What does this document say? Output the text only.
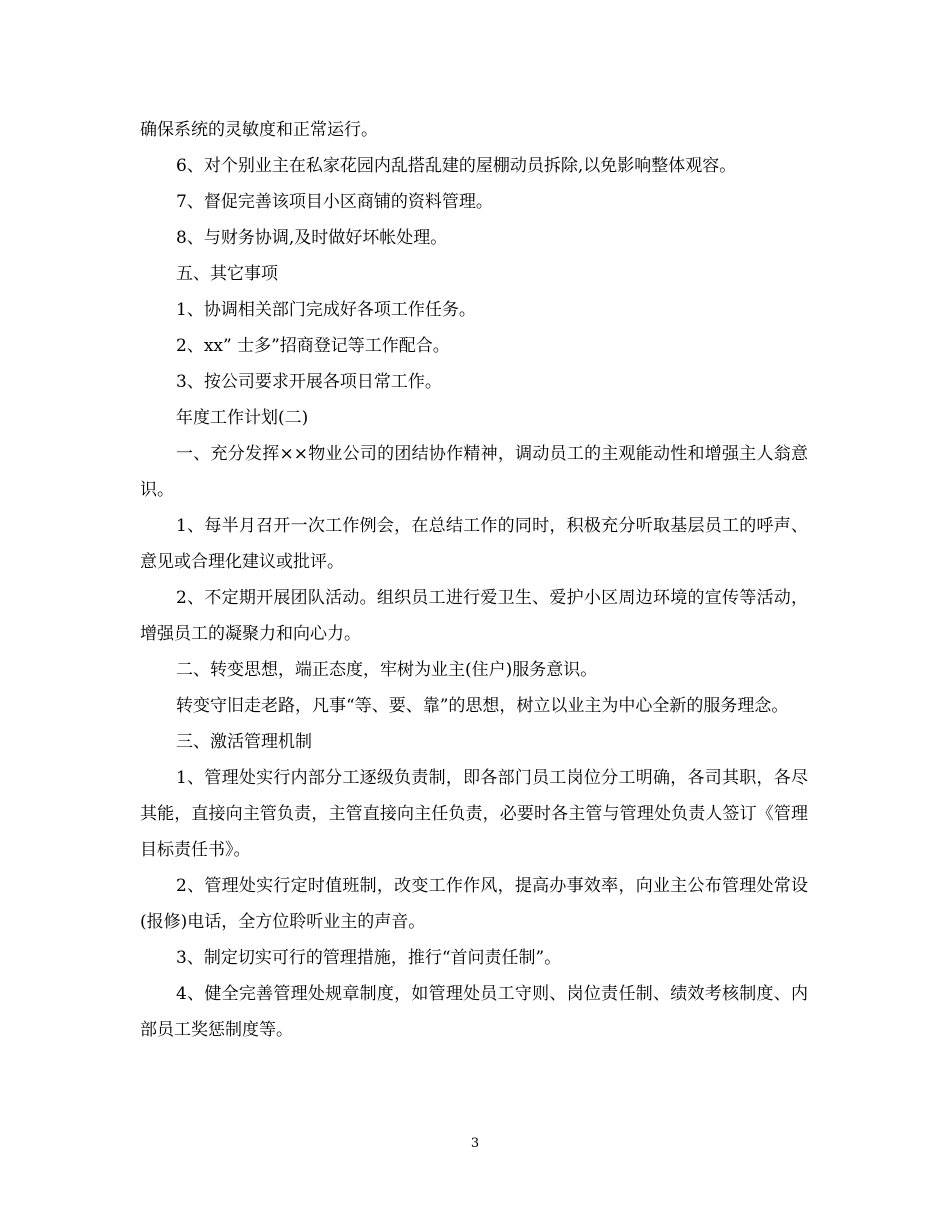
确保系统的灵敏度和正常运行。

6、对个别业主在私家花园内乱搭乱建的屋棚动员拆除,以免影响整体观容。

7、督促完善该项目小区商铺的资料管理。

8、与财务协调,及时做好坏帐处理。

五、其它事项

1、协调相关部门完成好各项工作任务。

2、xx” 士多”招商登记等工作配合。

3、按公司要求开展各项日常工作。

年度工作计划(二)

一、充分发挥××物业公司的团结协作精神，调动员工的主观能动性和增强主人翁意识。

1、每半月召开一次工作例会，在总结工作的同时，积极充分听取基层员工的呼声、意见或合理化建议或批评。

2、不定期开展团队活动。组织员工进行爱卫生、爱护小区周边环境的宣传等活动，增强员工的凝聚力和向心力。

二、转变思想，端正态度，牢树为业主(住户)服务意识。

转变守旧走老路，凡事“等、要、靠”的思想，树立以业主为中心全新的服务理念。

三、激活管理机制

1、管理处实行内部分工逐级负责制，即各部门员工岗位分工明确，各司其职，各尽其能，直接向主管负责，主管直接向主任负责，必要时各主管与管理处负责人签订《管理目标责任书》。

2、管理处实行定时值班制，改变工作作风，提高办事效率，向业主公布管理处常设(报修)电话，全方位聆听业主的声音。

3、制定切实可行的管理措施，推行“首问责任制”。

4、健全完善管理处规章制度，如管理处员工守则、岗位责任制、绩效考核制度、内部员工奖惩制度等。

3
